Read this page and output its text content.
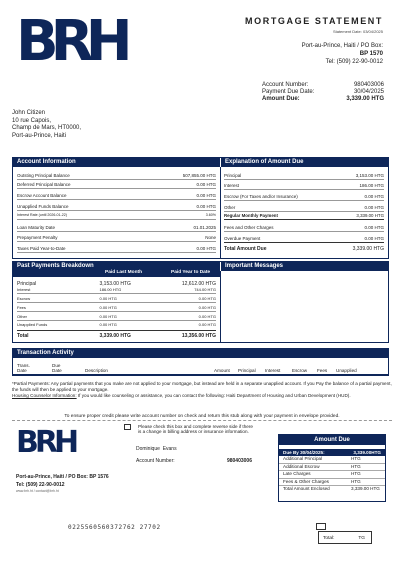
BRH	MORTGAGE STATEMENT
Statement Date: 03/04/2025
Port-au-Prince, Haiti / PO Box:
BP 1570
Tel: (509) 22-90-0012
Account Number:	980403006
Payment Due Date:	30/04/2025
Amount Due:	3,339.00 HTG
John Citizen
10 rue Capois,
Champ de Mars, HT0000,
Port-au-Prince, Haiti
Account Information	Explanation of Amount Due
Outsting Principal Balance	507,855.00 HTG
Deferred Principal Balance	0.00 HTG
Escrow Account Balance	0.00 HTG
Unapplied Funds Balance	0.00 HTG
Interest Rate (until 2026-01-22)	3.60%
Loan Maturity Date	01.01.2025
Prepayment Penalty	None
Taxes Paid Year-to-Date	0.00 HTG
Principal	3,153.00 HTG
Interest	186.00 HTG
Escrow (For Taxes and/or Insurance)	0.00 HTG
Other	0.00 HTG
Regular Monthly Payment	3,339.00 HTG
Fees and Other Charges	0.00 HTG
Overdue Payment	0.00 HTG
Total Amount Due	3,339.00 HTG
Past Payments Breakdown
Paid Last Month	Paid Year to Date
Important Messages
Principal	3,153.00 HTG	12,612.00 HTG
Interest	186.00 HTG	744.00 HTG
Escrow	0.00 HTG	0.00 HTG
Fees	0.00 HTG	0.00 HTG
Other	0.00 HTG	0.00 HTG
Unapplied Funds	0.00 HTG	0.00 HTG
Total	3,339.00 HTG	13,356.00 HTG
Transaction Activity
Trans. Date
Due Date	Description	Amount Principal Interest	Escrow Fees Unapplied
*Partial Payments: Any partial payments that you make are not applied to your mortgage, but instead are held in a separate unapplied account. If you Pay the balance of a partial payment, the funds will then be applied to your mortgage.
Housing Counselor Information: If you would like counseling or assistance, you can contact the following: Haiti Department of Housing and Urban Development (HUD).
To ensure proper credit please write account number on check and return this stub along with your payment in envelope provided.
BRH	Please check this box and complete reverse side if there
is a change in billing address or insurance information.
Dominique Evans
Account Number:	980403006
Port-au-Prince, Haiti / PO Box: BP 1576
Tel: (509) 22-90-0012
www.brh.ht / contact@brh.ht
Amount Due
Due By 30/04/2025:	3,339.00HTG
Additional Principal	HTG
Additional Escrow	HTG
Late Charges	HTG
Fees & Other Charges	HTG
Total Amount Enclosed	3,339.00 HTG
0225560560372762 27702
Total:	TG
